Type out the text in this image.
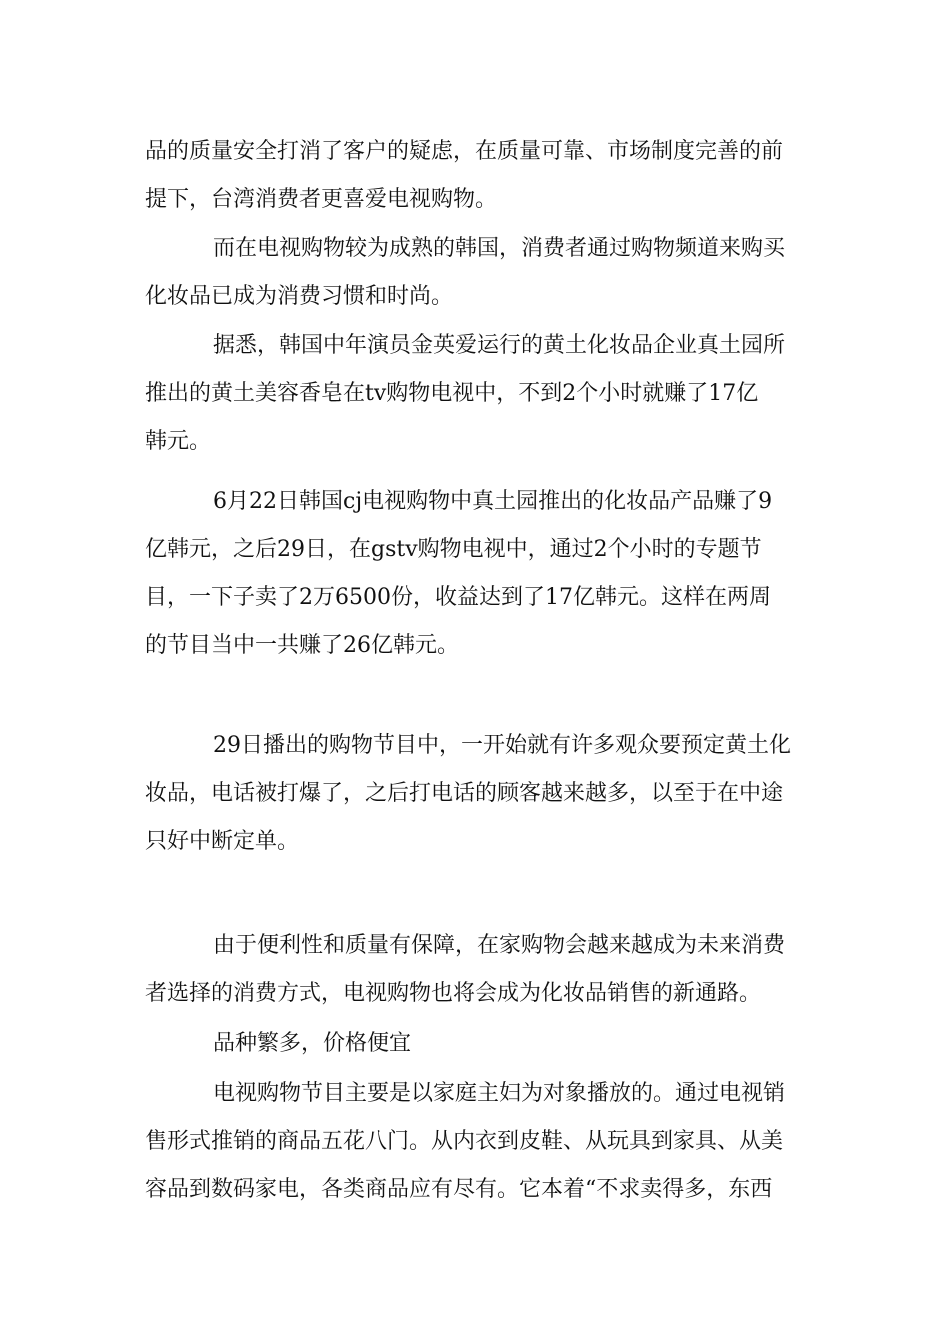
品的质量安全打消了客户的疑虑，在质量可靠、市场制度完善的前
提下，台湾消费者更喜爱电视购物。
而在电视购物较为成熟的韩国，消费者通过购物频道来购买
化妆品已成为消费习惯和时尚。
据悉，韩国中年演员金英爱运行的黄土化妆品企业真土园所
推出的黄土美容香皂在tv购物电视中，不到2个小时就赚了17亿
韩元。
6月22日韩国cj电视购物中真土园推出的化妆品产品赚了9
亿韩元，之后29日，在gstv购物电视中，通过2个小时的专题节
目，一下子卖了2万6500份，收益达到了17亿韩元。这样在两周
的节目当中一共赚了26亿韩元。
29日播出的购物节目中，一开始就有许多观众要预定黄土化
妆品，电话被打爆了，之后打电话的顾客越来越多，以至于在中途
只好中断定单。
由于便利性和质量有保障，在家购物会越来越成为未来消费
者选择的消费方式，电视购物也将会成为化妆品销售的新通路。
品种繁多，价格便宜
电视购物节目主要是以家庭主妇为对象播放的。通过电视销
售形式推销的商品五花八门。从内衣到皮鞋、从玩具到家具、从美
容品到数码家电，各类商品应有尽有。它本着“不求卖得多，东西
